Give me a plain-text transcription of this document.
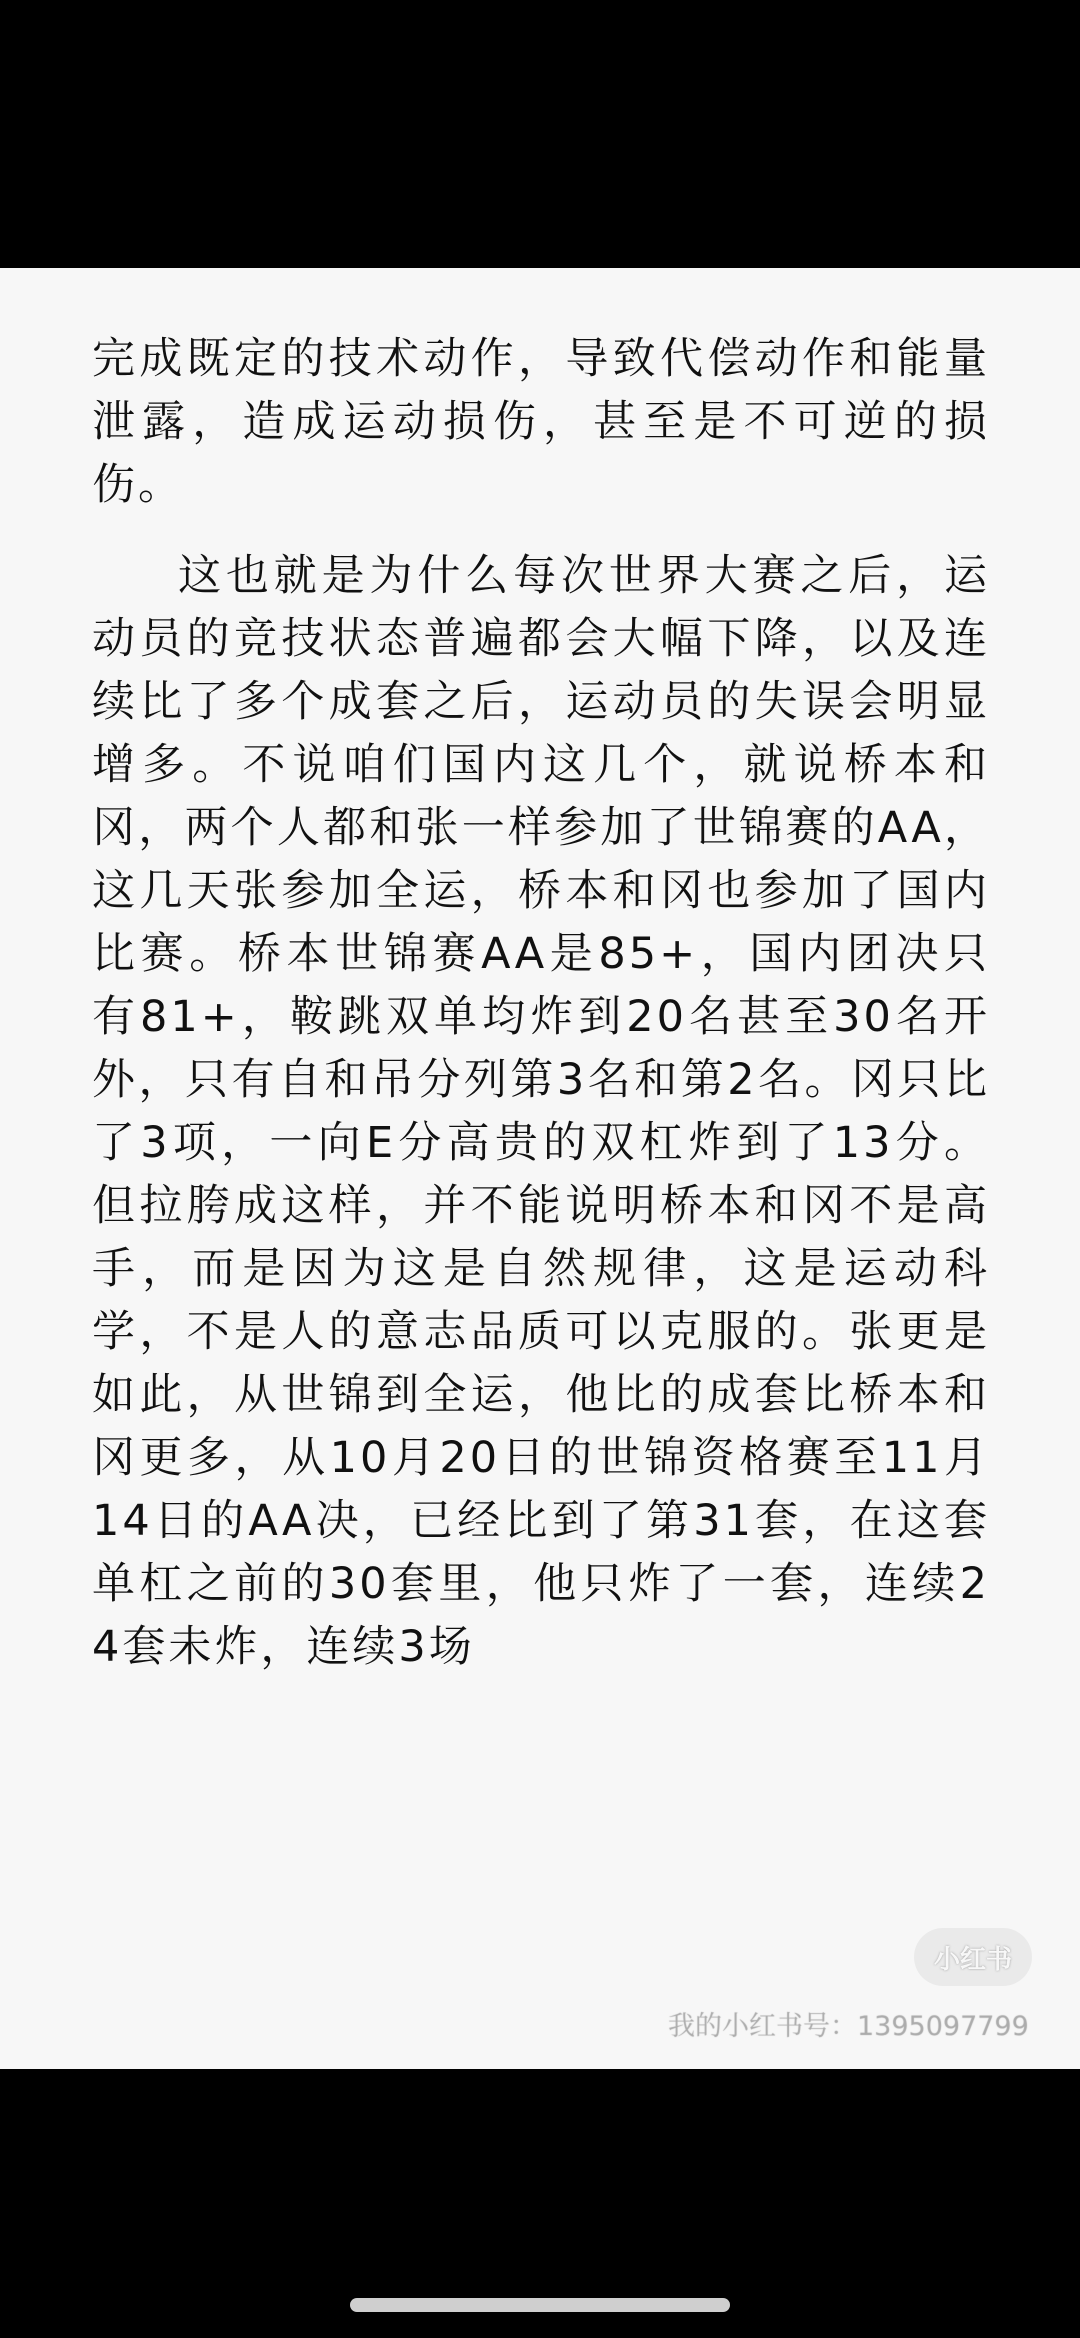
完成既定的技术动作，导致代偿动作和能量泄露，造成运动损伤，甚至是不可逆的损伤。

这也就是为什么每次世界大赛之后，运动员的竞技状态普遍都会大幅下降，以及连续比了多个成套之后，运动员的失误会明显增多。不说咱们国内这几个，就说桥本和冈，两个人都和张一样参加了世锦赛的AA，这几天张参加全运，桥本和冈也参加了国内比赛。桥本世锦赛AA是85+，国内团决只有81+，鞍跳双单均炸到20名甚至30名开外，只有自和吊分列第3名和第2名。冈只比了3项，一向E分高贵的双杠炸到了13分。但拉胯成这样，并不能说明桥本和冈不是高手，而是因为这是自然规律，这是运动科学，不是人的意志品质可以克服的。张更是如此，从世锦到全运，他比的成套比桥本和冈更多，从10月20日的世锦资格赛至11月14日的AA决，已经比到了第31套，在这套单杠之前的30套里，他只炸了一套，连续24套未炸，连续3场

小红书
我的小红书号：1395097799
